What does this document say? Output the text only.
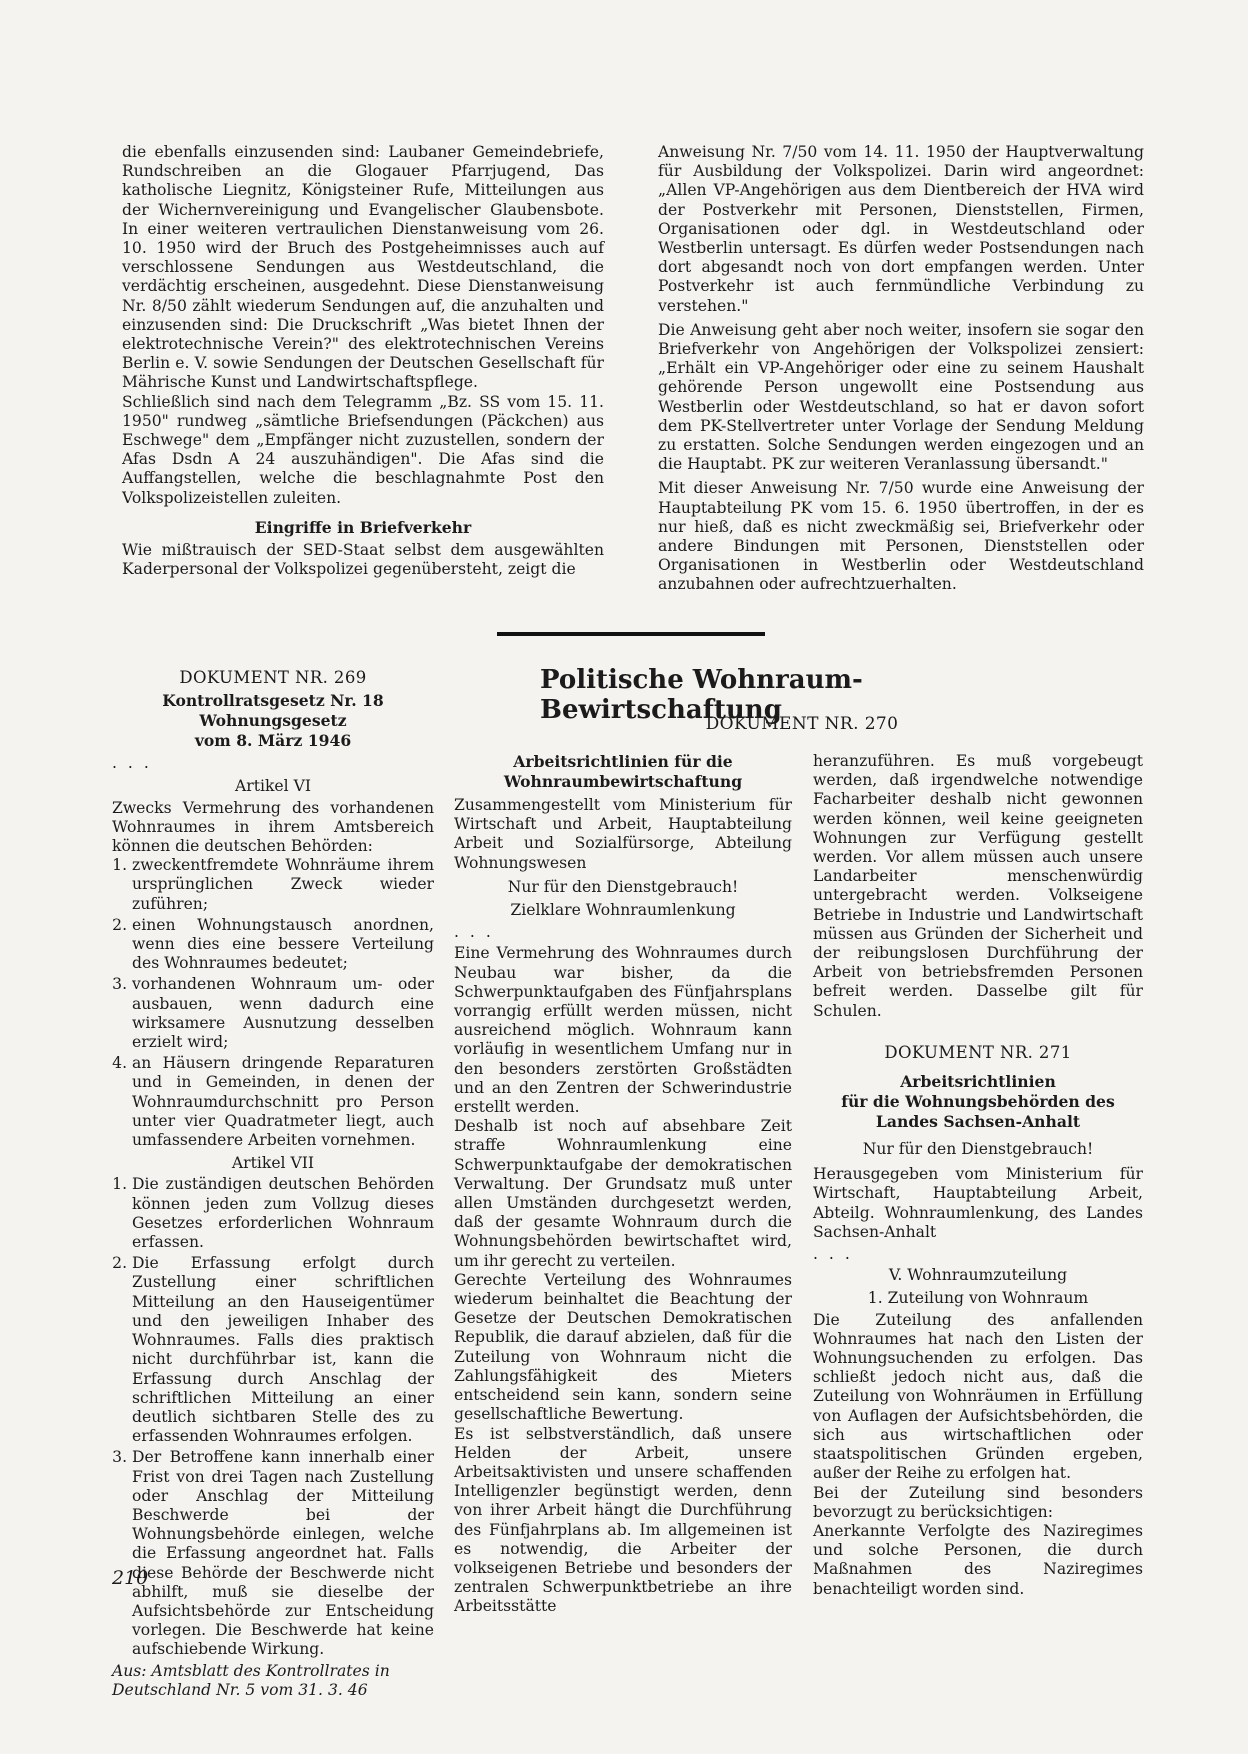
die ebenfalls einzusenden sind: Laubaner Gemeindebriefe, Rundschreiben an die Glogauer Pfarrjugend, Das katholische Liegnitz, Königsteiner Rufe, Mitteilungen aus der Wichernvereinigung und Evangelischer Glaubensbote. In einer weiteren vertraulichen Dienstanweisung vom 26. 10. 1950 wird der Bruch des Postgeheimnisses auch auf verschlossene Sendungen aus Westdeutschland, die verdächtig erscheinen, ausgedehnt. Diese Dienstanweisung Nr. 8/50 zählt wiederum Sendungen auf, die anzuhalten und einzusenden sind: Die Druckschrift „Was bietet Ihnen der elektrotechnische Verein?" des elektrotechnischen Vereins Berlin e. V. sowie Sendungen der Deutschen Gesellschaft für Mährische Kunst und Landwirtschaftspflege.

Schließlich sind nach dem Telegramm „Bz. SS vom 15. 11. 1950" rundweg „sämtliche Briefsendungen (Päckchen) aus Eschwege" dem „Empfänger nicht zuzustellen, sondern der Afas Dsdn A 24 auszuhändigen". Die Afas sind die Auffangstellen, welche die beschlagnahmte Post den Volkspolizeistellen zuleiten.

Eingriffe in Briefverkehr

Wie mißtrauisch der SED-Staat selbst dem ausgewählten Kaderpersonal der Volkspolizei gegenübersteht, zeigt die

Anweisung Nr. 7/50 vom 14. 11. 1950 der Hauptverwaltung für Ausbildung der Volkspolizei. Darin wird angeordnet: „Allen VP-Angehörigen aus dem Dientbereich der HVA wird der Postverkehr mit Personen, Dienststellen, Firmen, Organisationen oder dgl. in Westdeutschland oder Westberlin untersagt. Es dürfen weder Postsendungen nach dort abgesandt noch von dort empfangen werden. Unter Postverkehr ist auch fernmündliche Verbindung zu verstehen."

Die Anweisung geht aber noch weiter, insofern sie sogar den Briefverkehr von Angehörigen der Volkspolizei zensiert: „Erhält ein VP-Angehöriger oder eine zu seinem Haushalt gehörende Person ungewollt eine Postsendung aus Westberlin oder Westdeutschland, so hat er davon sofort dem PK-Stellvertreter unter Vorlage der Sendung Meldung zu erstatten. Solche Sendungen werden eingezogen und an die Hauptabt. PK zur weiteren Veranlassung übersandt."

Mit dieser Anweisung Nr. 7/50 wurde eine Anweisung der Hauptabteilung PK vom 15. 6. 1950 übertroffen, in der es nur hieß, daß es nicht zweckmäßig sei, Briefverkehr oder andere Bindungen mit Personen, Dienststellen oder Organisationen in Westberlin oder Westdeutschland anzubahnen oder aufrechtzuerhalten.

Politische Wohnraum-Bewirtschaftung
DOKUMENT NR. 270
DOKUMENT NR. 269
Kontrollratsgesetz Nr. 18
Wohnungsgesetz
vom 8. März 1946
. . .
Artikel VI

Zwecks Vermehrung des vorhandenen Wohnraumes in ihrem Amtsbereich können die deutschen Behörden:

1. zweckentfremdete Wohnräume ihrem ursprünglichen Zweck wieder zuführen;
2. einen Wohnungstausch anordnen, wenn dies eine bessere Verteilung des Wohnraumes bedeutet;
3. vorhandenen Wohnraum um- oder ausbauen, wenn dadurch eine wirksamere Ausnutzung desselben erzielt wird;
4. an Häusern dringende Reparaturen und in Gemeinden, in denen der Wohnraumdurchschnitt pro Person unter vier Quadratmeter liegt, auch umfassendere Arbeiten vornehmen.
Artikel VII
1. Die zuständigen deutschen Behörden können jeden zum Vollzug dieses Gesetzes erforderlichen Wohnraum erfassen.
2. Die Erfassung erfolgt durch Zustellung einer schriftlichen Mitteilung an den Hauseigentümer und den jeweiligen Inhaber des Wohnraumes. Falls dies praktisch nicht durchführbar ist, kann die Erfassung durch Anschlag der schriftlichen Mitteilung an einer deutlich sichtbaren Stelle des zu erfassenden Wohnraumes erfolgen.
3. Der Betroffene kann innerhalb einer Frist von drei Tagen nach Zustellung oder Anschlag der Mitteilung Beschwerde bei der Wohnungsbehörde einlegen, welche die Erfassung angeordnet hat. Falls diese Behörde der Beschwerde nicht abhilft, muß sie dieselbe der Aufsichtsbehörde zur Entscheidung vorlegen. Die Beschwerde hat keine aufschiebende Wirkung.
Aus: Amtsblatt des Kontrollrates in Deutschland Nr. 5 vom 31. 3. 46
Arbeitsrichtlinien für die Wohnraumbewirtschaftung

Zusammengestellt vom Ministerium für Wirtschaft und Arbeit, Hauptabteilung Arbeit und Sozialfürsorge, Abteilung Wohnungswesen

Nur für den Dienstgebrauch!
Zielklare Wohnraumlenkung
. . .

Eine Vermehrung des Wohnraumes durch Neubau war bisher, da die Schwerpunktaufgaben des Fünfjahrsplans vorrangig erfüllt werden müssen, nicht ausreichend möglich. Wohnraum kann vorläufig in wesentlichem Umfang nur in den besonders zerstörten Großstädten und an den Zentren der Schwerindustrie erstellt werden.

Deshalb ist noch auf absehbare Zeit straffe Wohnraumlenkung eine Schwerpunktaufgabe der demokratischen Verwaltung. Der Grundsatz muß unter allen Umständen durchgesetzt werden, daß der gesamte Wohnraum durch die Wohnungsbehörden bewirtschaftet wird, um ihr gerecht zu verteilen.

Gerechte Verteilung des Wohnraumes wiederum beinhaltet die Beachtung der Gesetze der Deutschen Demokratischen Republik, die darauf abzielen, daß für die Zuteilung von Wohnraum nicht die Zahlungsfähigkeit des Mieters entscheidend sein kann, sondern seine gesellschaftliche Bewertung.

Es ist selbstverständlich, daß unsere Helden der Arbeit, unsere Arbeitsaktivisten und unsere schaffenden Intelligenzler begünstigt werden, denn von ihrer Arbeit hängt die Durchführung des Fünfjahrplans ab. Im allgemeinen ist es notwendig, die Arbeiter der volkseigenen Betriebe und besonders der zentralen Schwerpunktbetriebe an ihre Arbeitsstätte

heranzuführen. Es muß vorgebeugt werden, daß irgendwelche notwendige Facharbeiter deshalb nicht gewonnen werden können, weil keine geeigneten Wohnungen zur Verfügung gestellt werden. Vor allem müssen auch unsere Landarbeiter menschenwürdig untergebracht werden. Volkseigene Betriebe in Industrie und Landwirtschaft müssen aus Gründen der Sicherheit und der reibungslosen Durchführung der Arbeit von betriebsfremden Personen befreit werden. Dasselbe gilt für Schulen.

DOKUMENT NR. 271
Arbeitsrichtlinien
für die Wohnungsbehörden des Landes Sachsen-Anhalt
Nur für den Dienstgebrauch!

Herausgegeben vom Ministerium für Wirtschaft, Hauptabteilung Arbeit, Abteilg. Wohnraumlenkung, des Landes Sachsen-Anhalt

. . .
V. Wohnraumzuteilung
1. Zuteilung von Wohnraum

Die Zuteilung des anfallenden Wohnraumes hat nach den Listen der Wohnungsuchenden zu erfolgen. Das schließt jedoch nicht aus, daß die Zuteilung von Wohnräumen in Erfüllung von Auflagen der Aufsichtsbehörden, die sich aus wirtschaftlichen oder staatspolitischen Gründen ergeben, außer der Reihe zu erfolgen hat.

Bei der Zuteilung sind besonders bevorzugt zu berücksichtigen:

Anerkannte Verfolgte des Naziregimes und solche Personen, die durch Maßnahmen des Naziregimes benachteiligt worden sind.

210
